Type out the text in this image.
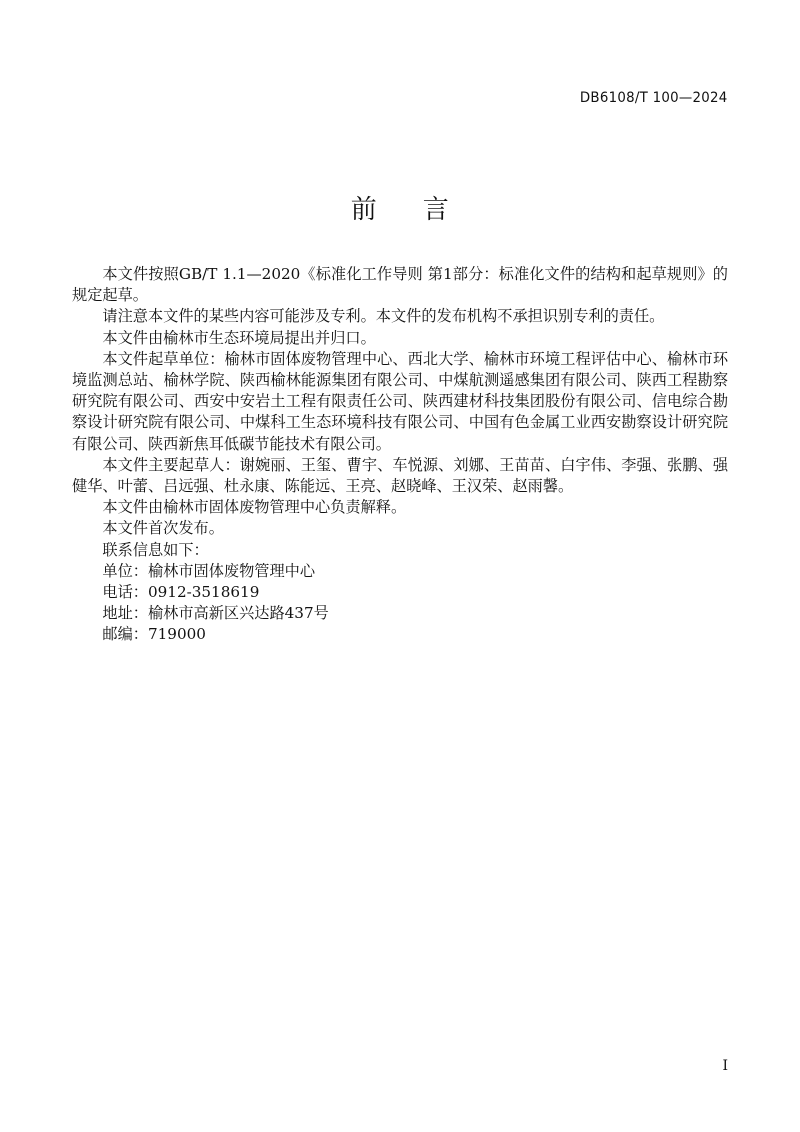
DB6108/T 100—2024
前 言

本文件按照GB/T 1.1—2020《标准化工作导则 第1部分：标准化文件的结构和起草规则》的规定起草。

请注意本文件的某些内容可能涉及专利。本文件的发布机构不承担识别专利的责任。

本文件由榆林市生态环境局提出并归口。

本文件起草单位：榆林市固体废物管理中心、西北大学、榆林市环境工程评估中心、榆林市环境监测总站、榆林学院、陕西榆林能源集团有限公司、中煤航测遥感集团有限公司、陕西工程勘察研究院有限公司、西安中安岩土工程有限责任公司、陕西建材科技集团股份有限公司、信电综合勘察设计研究院有限公司、中煤科工生态环境科技有限公司、中国有色金属工业西安勘察设计研究院有限公司、陕西新焦耳低碳节能技术有限公司。

本文件主要起草人：谢婉丽、王玺、曹宇、车悦源、刘娜、王苗苗、白宇伟、李强、张鹏、强健华、叶蕾、吕远强、杜永康、陈能远、王亮、赵晓峰、王汉荣、赵雨馨。

本文件由榆林市固体废物管理中心负责解释。

本文件首次发布。

联系信息如下：

单位：榆林市固体废物管理中心

电话：0912-3518619

地址：榆林市高新区兴达路437号

邮编：719000

I
